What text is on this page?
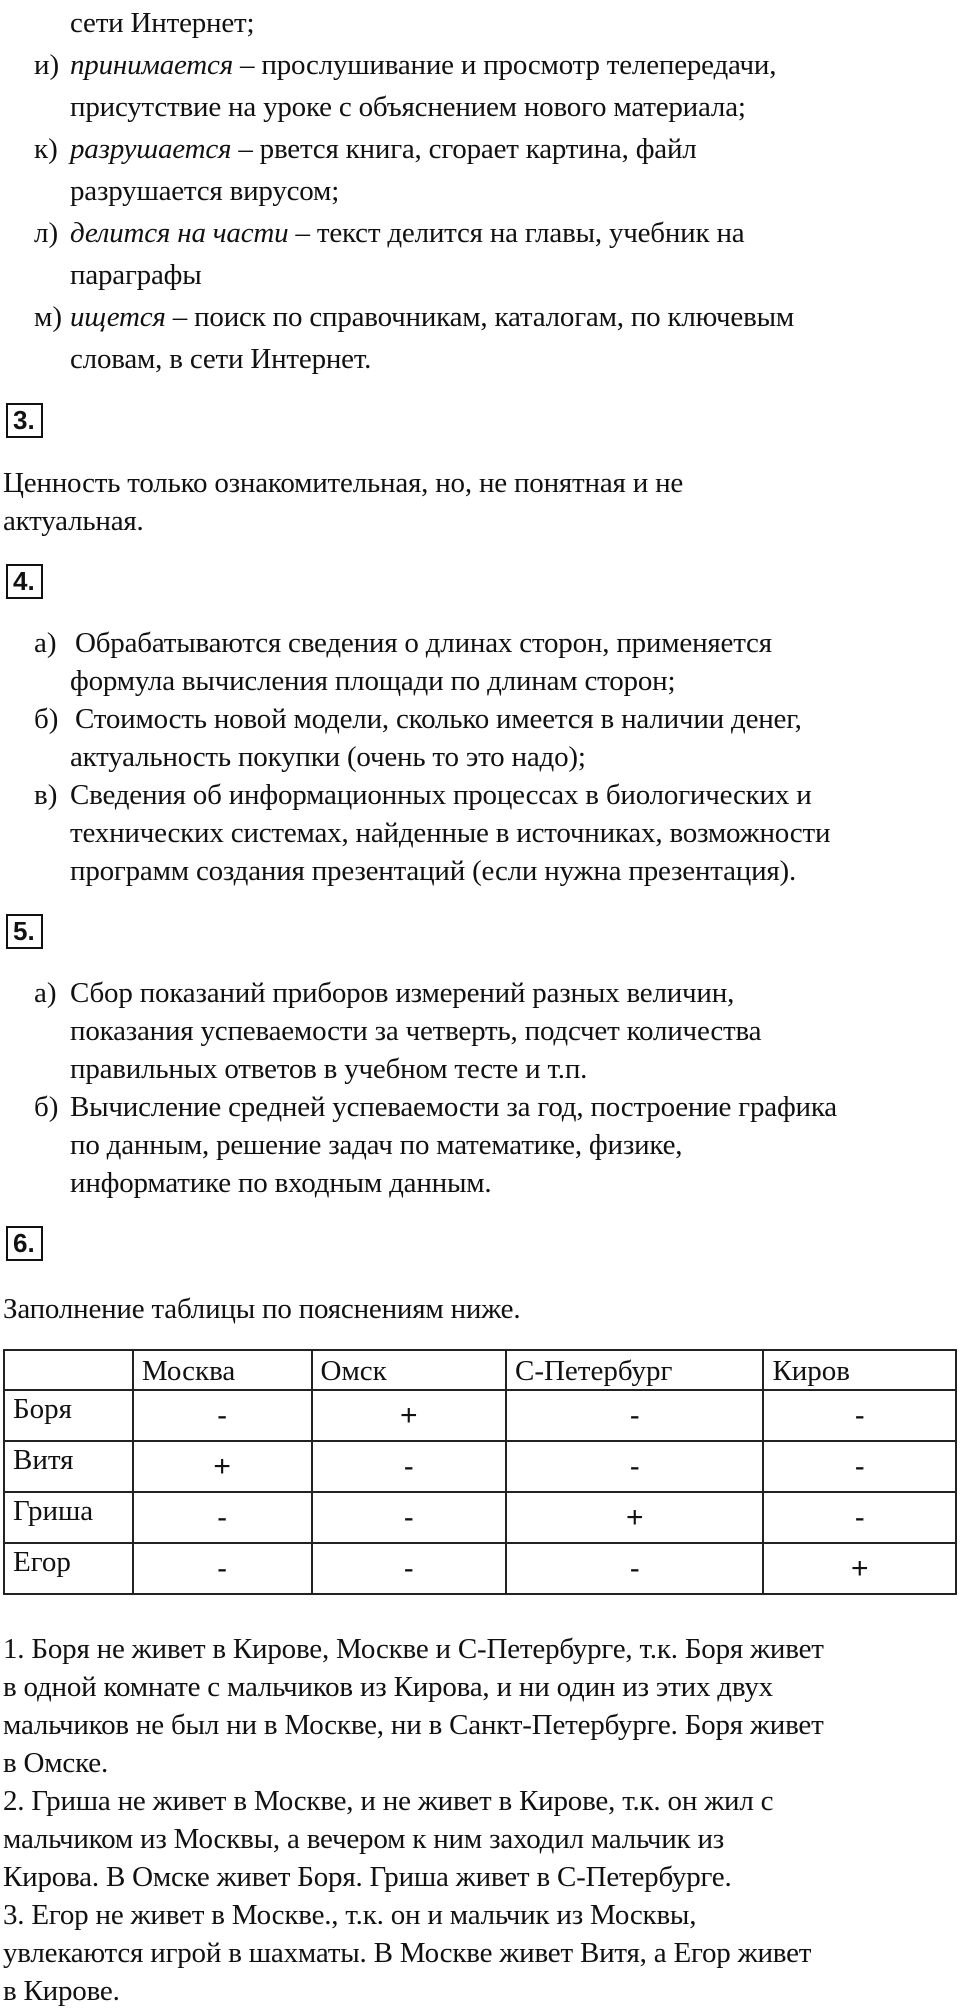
сети Интернет;
и) принимается – прослушивание и просмотр телепередачи,
присутствие на уроке с объяснением нового материала;
к) разрушается – рвется книга, сгорает картина, файл
разрушается вирусом;
л) делится на части – текст делится на главы, учебник на
параграфы
м) ищется – поиск по справочникам, каталогам, по ключевым
словам, в сети Интернет.
3.
Ценность только ознакомительная, но, не понятная и не
актуальная.
4.
а) Обрабатываются сведения о длинах сторон, применяется
формула вычисления площади по длинам сторон;
б) Стоимость новой модели, сколько имеется в наличии денег,
актуальность покупки (очень то это надо);
в) Сведения об информационных процессах в биологических и
технических системах, найденные в источниках, возможности
программ создания презентаций (если нужна презентация).
5.
а) Сбор показаний приборов измерений разных величин,
показания успеваемости за четверть, подсчет количества
правильных ответов в учебном тесте и т.п.
б) Вычисление средней успеваемости за год, построение графика
по данным, решение задач по математике, физике,
информатике по входным данным.
6.
Заполнение таблицы по пояснениям ниже.
	Москва	Омск	С-Петербург	Киров
Боря	-	+	-	-
Витя	+	-	-	-
Гриша	-	-	+	-
Егор	-	-	-	+
1. Боря не живет в Кирове, Москве и С-Петербурге, т.к. Боря живет
в одной комнате с мальчиков из Кирова, и ни один из этих двух
мальчиков не был ни в Москве, ни в Санкт-Петербурге. Боря живет
в Омске.
2. Гриша не живет в Москве, и не живет в Кирове, т.к. он жил с
мальчиком из Москвы, а вечером к ним заходил мальчик из
Кирова. В Омске живет Боря. Гриша живет в С-Петербурге.
3. Егор не живет в Москве., т.к. он и мальчик из Москвы,
увлекаются игрой в шахматы. В Москве живет Витя, а Егор живет
в Кирове.
